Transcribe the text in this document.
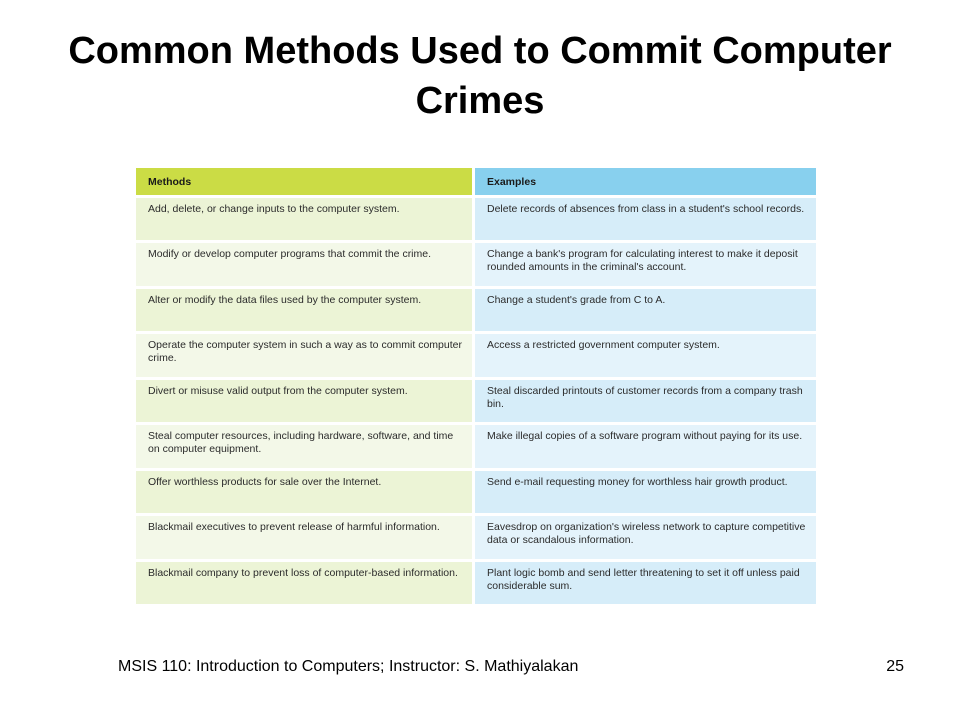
Common Methods Used to Commit Computer Crimes
Methods
Add, delete, or change inputs to the computer system.
Modify or develop computer programs that commit the crime.
Alter or modify the data files used by the computer system.
Operate the computer system in such a way as to commit computer crime.
Divert or misuse valid output from the computer system.
Steal computer resources, including hardware, software, and time on computer equipment.
Offer worthless products for sale over the Internet.
Blackmail executives to prevent release of harmful information.
Blackmail company to prevent loss of computer-based information.
Examples
Delete records of absences from class in a student's school records.
Change a bank's program for calculating interest to make it deposit rounded amounts in the criminal's account.
Change a student's grade from C to A.
Access a restricted government computer system.
Steal discarded printouts of customer records from a company trash bin.
Make illegal copies of a software program without paying for its use.
Send e-mail requesting money for worthless hair growth product.
Eavesdrop on organization's wireless network to capture competitive data or scandalous information.
Plant logic bomb and send letter threatening to set it off unless paid considerable sum.
MSIS 110: Introduction to Computers; Instructor: S. Mathiyalakan	25
